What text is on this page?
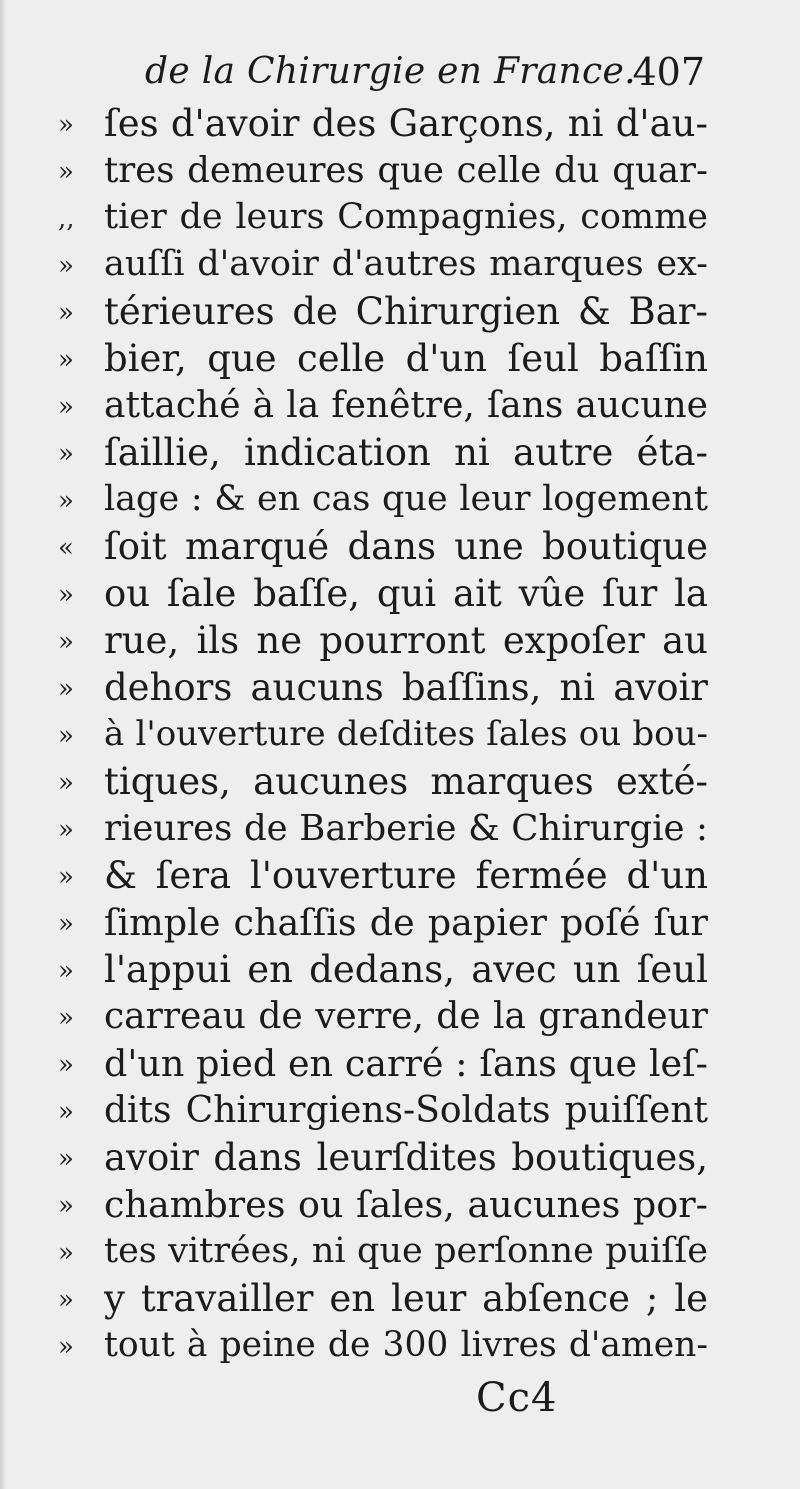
de la Chirurgie en France.
407
» ſes d'avoir des Garçons, ni d'au-
» tres demeures que celle du quar-
,, tier de leurs Compagnies, comme
» auſſi d'avoir d'autres marques ex-
» térieures de Chirurgien & Bar-
» bier, que celle d'un ſeul baſſin
» attaché à la fenêtre, ſans aucune
» ſaillie, indication ni autre éta-
» lage : & en cas que leur logement
« ſoit marqué dans une boutique
» ou ſale baſſe, qui ait vûe ſur la
» rue, ils ne pourront expoſer au
» dehors aucuns baſſins, ni avoir
» à l'ouverture deſdites ſales ou bou-
» tiques, aucunes marques exté-
» rieures de Barberie & Chirurgie :
» & ſera l'ouverture fermée d'un
» ſimple chaſſis de papier poſé ſur
» l'appui en dedans, avec un ſeul
» carreau de verre, de la grandeur
» d'un pied en carré : ſans que leſ-
» dits Chirurgiens-Soldats puiſſent
» avoir dans leurſdites boutiques,
» chambres ou ſales, aucunes por-
» tes vitrées, ni que perſonne puiſſe
» y travailler en leur abſence ; le
» tout à peine de 300 livres d'amen-
Cc4
